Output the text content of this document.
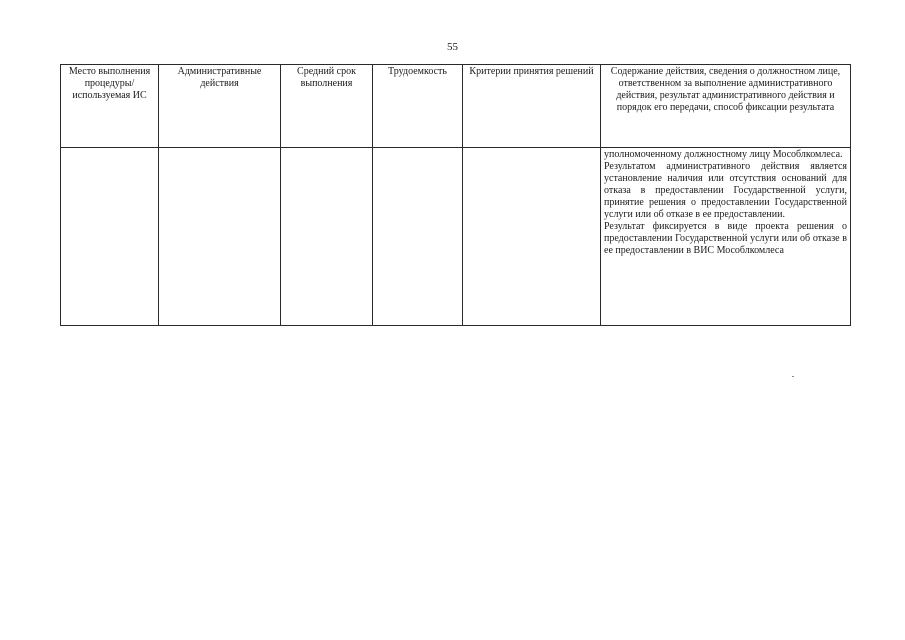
55
Место выполнения процедуры/ используемая ИС	Административные действия	Средний срок выполнения	Трудоемкость	Критерии принятия решений	Содержание действия, сведения о должностном лице, ответственном за выполнение административного действия, результат административного действия и порядок его передачи, способ фиксации результата

					уполномоченному должностному лицу Мособлкомлеса.

Результатом административного действия является установление наличия или отсутствия оснований для отказа в предоставлении Государственной услуги, принятие решения о предоставлении Государственной услуги или об отказе в ее предоставлении.

Результат фиксируется в виде проекта решения о предоставлении Государственной услуги или об отказе в ее предоставлении в ВИС Мособлкомлеса
